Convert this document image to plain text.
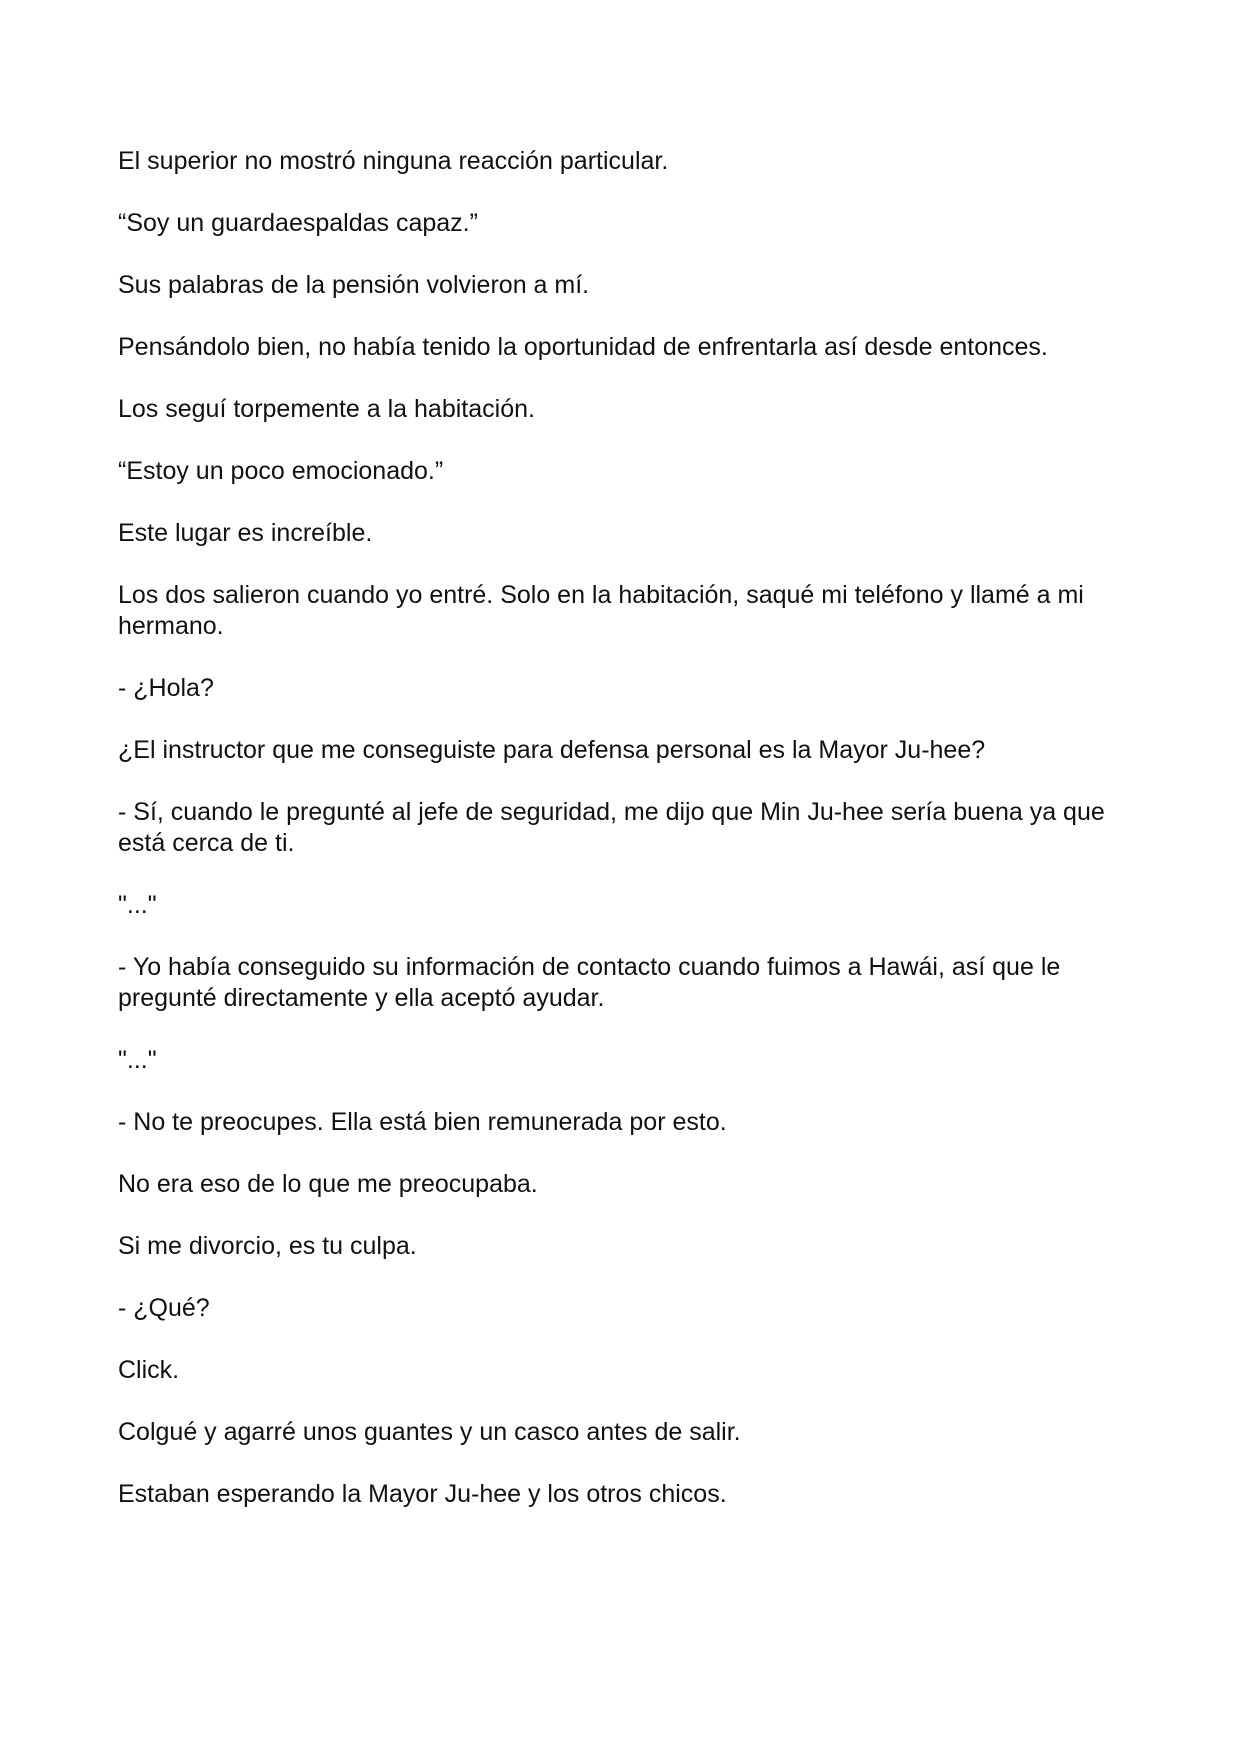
El superior no mostró ninguna reacción particular.

“Soy un guardaespaldas capaz.”

Sus palabras de la pensión volvieron a mí.

Pensándolo bien, no había tenido la oportunidad de enfrentarla así desde entonces.

Los seguí torpemente a la habitación.

“Estoy un poco emocionado.”

Este lugar es increíble.

Los dos salieron cuando yo entré. Solo en la habitación, saqué mi teléfono y llamé a mi hermano.

- ¿Hola?

¿El instructor que me conseguiste para defensa personal es la Mayor Ju-hee?

- Sí, cuando le pregunté al jefe de seguridad, me dijo que Min Ju-hee sería buena ya que está cerca de ti.

"..."

- Yo había conseguido su información de contacto cuando fuimos a Hawái, así que le pregunté directamente y ella aceptó ayudar.

"..."

- No te preocupes. Ella está bien remunerada por esto.

No era eso de lo que me preocupaba.

Si me divorcio, es tu culpa.

- ¿Qué?

Click.

Colgué y agarré unos guantes y un casco antes de salir.

Estaban esperando la Mayor Ju-hee y los otros chicos.
